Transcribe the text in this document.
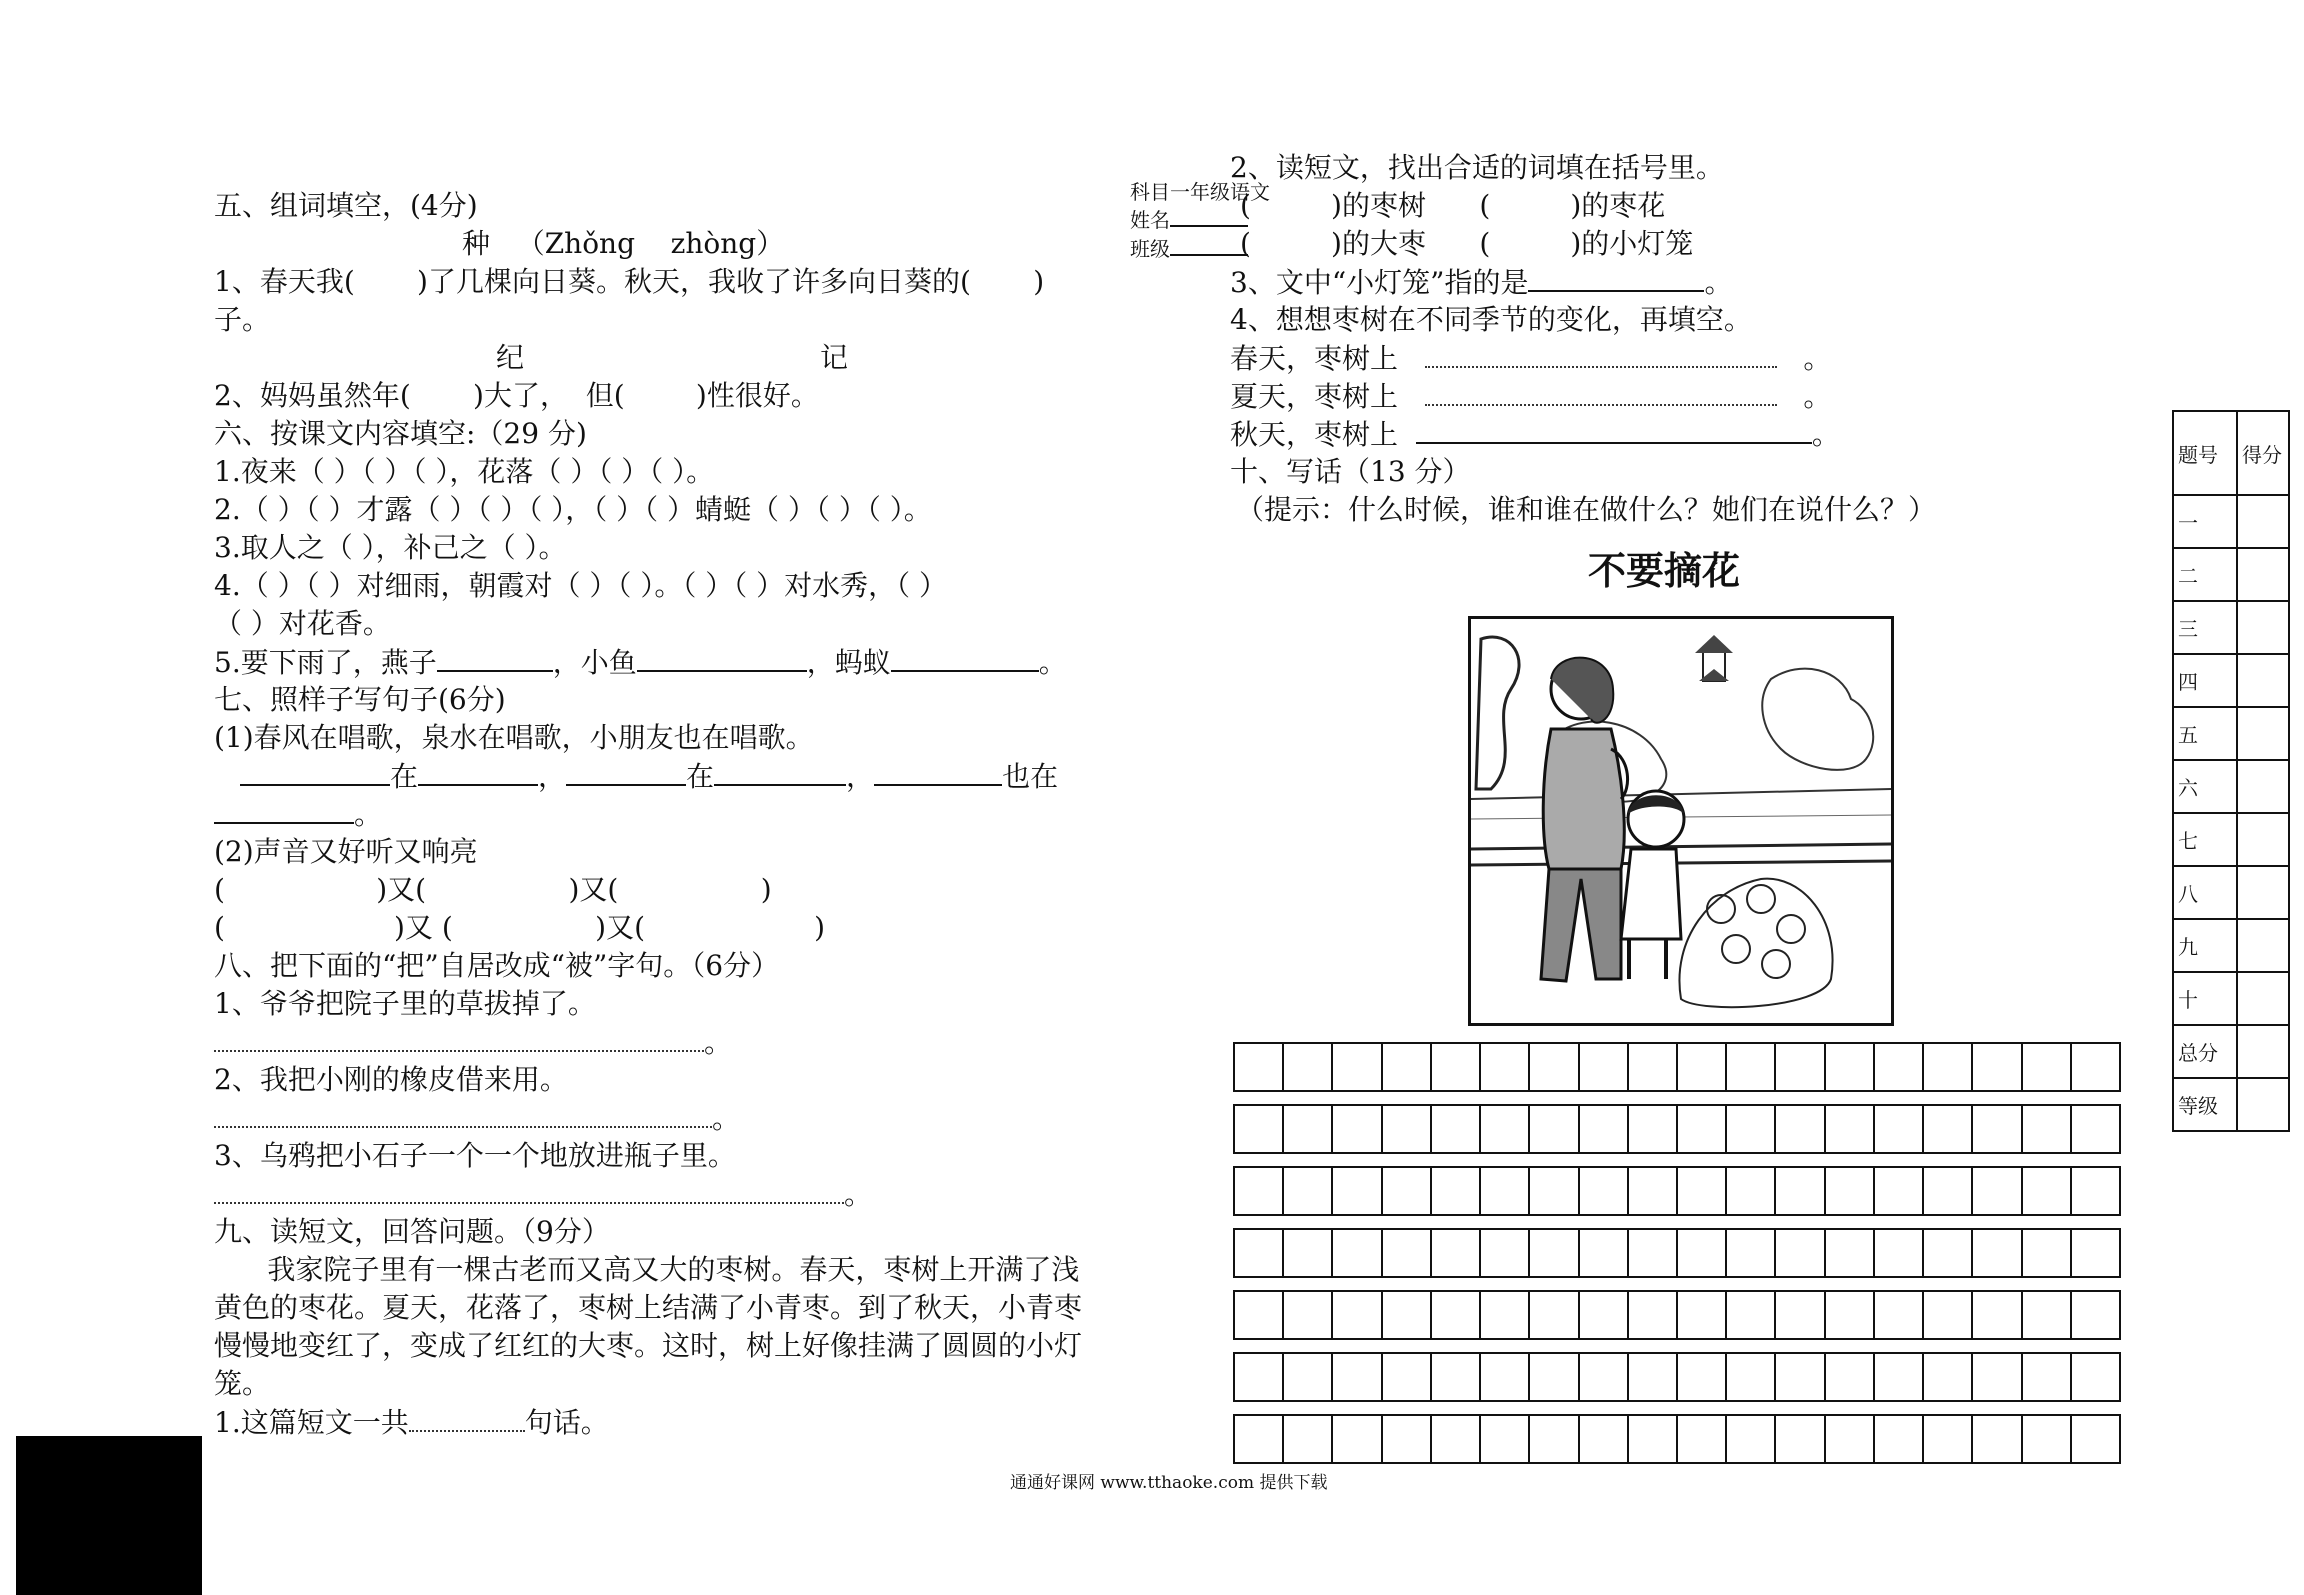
科目一年级语文
姓名
班级
五、组词填空，(4分)
种   （Zhǒng    zhòng）
1、春天我(       )了几棵向日葵。秋天，我收了许多向日葵的(       )
子。
纪	记
2、妈妈虽然年(       )大了，  但(        )性很好。
六、按课文内容填空:（29 分)
1.夜来（ ）（ ）（ ），花落（ ）（ ）（ ）。
2.（ ）（ ）才露（ ）（ ）（ ），（ ）（ ）蜻蜓（ ）（ ）（ ）。
3.取人之（ ），补己之（ ）。
4.（ ）（ ）对细雨，朝霞对（ ）（ ）。（ ）（ ）对水秀，（ ）
（ ）对花香。
5.要下雨了，燕子	，小鱼	，蚂蚁	。
七、照样子写句子(6分)
(1)春风在唱歌，泉水在唱歌，小朋友也在唱歌。
在	，	在	，	也在
。
(2)声音又好听又响亮
(                 )又(                )又(                )
(                   )又 (                )又(                   )
八、把下面的“把”自居改成“被”字句。（6分）
1、爷爷把院子里的草拔掉了。
。
2、我把小刚的橡皮借来用。
。
3、乌鸦把小石子一个一个地放进瓶子里。
。
九、读短文，回答问题。（9分）
我家院子里有一棵古老而又高又大的枣树。春天，枣树上开满了浅
黄色的枣花。夏天，花落了，枣树上结满了小青枣。到了秋天，小青枣
慢慢地变红了，变成了红红的大枣。这时，树上好像挂满了圆圆的小灯
笼。
1.这篇短文一共	句话。
2、读短文，找出合适的词填在括号里。
(         )的枣树      (         )的枣花
(         )的大枣      (         )的小灯笼
3、文中“小灯笼”指的是	。
4、想想枣树在不同季节的变化，再填空。
春天，枣树上	。
夏天，枣树上	。
秋天，枣树上	。
十、写话（13 分）
（提示：什么时候，谁和谁在做什么？她们在说什么？）
不要摘花
题号	得分
一	
二	
三	
四	
五	
六	
七	
八	
九	
十	
总分	
等级	
通通好课网 www.tthaoke.com 提供下载
